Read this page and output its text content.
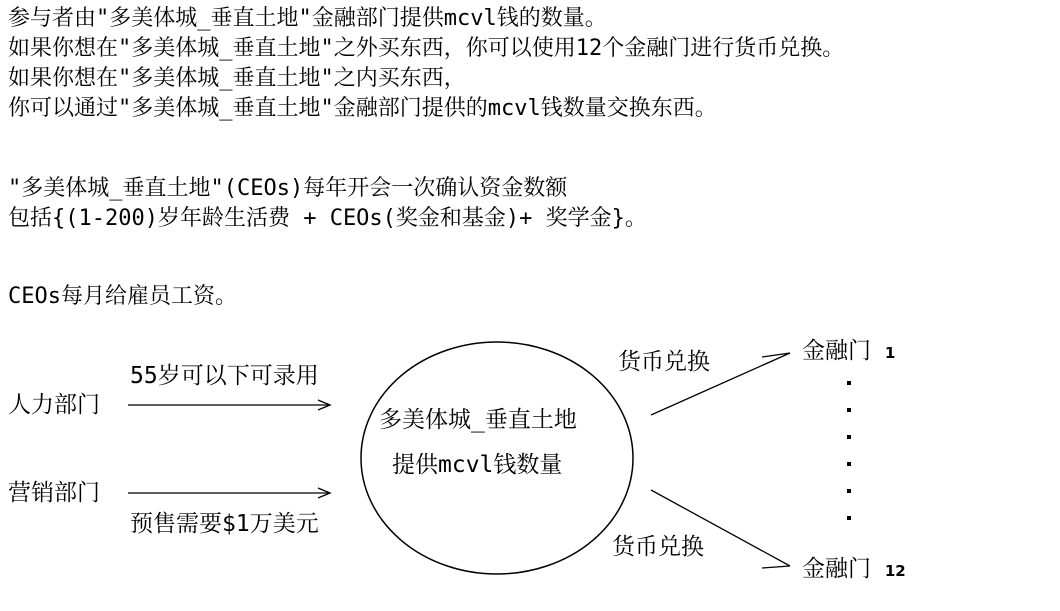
参与者由"多美体城_垂直土地"金融部门提供mcvl钱的数量。
如果你想在"多美体城_垂直土地"之外买东西，你可以使用12个金融门进行货币兑换。
如果你想在"多美体城_垂直土地"之内买东西，
你可以通过"多美体城_垂直土地"金融部门提供的mcvl钱数量交换东西。
"多美体城_垂直土地"(CEOs)每年开会一次确认资金数额
包括{(1-200)岁年龄生活费 + CEOs(奖金和基金)+ 奖学金}。
CEOs每月给雇员工资。
55岁可以下可录用
人力部门
营销部门
预售需要$1万美元
多美体城_垂直土地
提供mcvl钱数量
货币兑换
货币兑换
金融门 1
金融门 12
